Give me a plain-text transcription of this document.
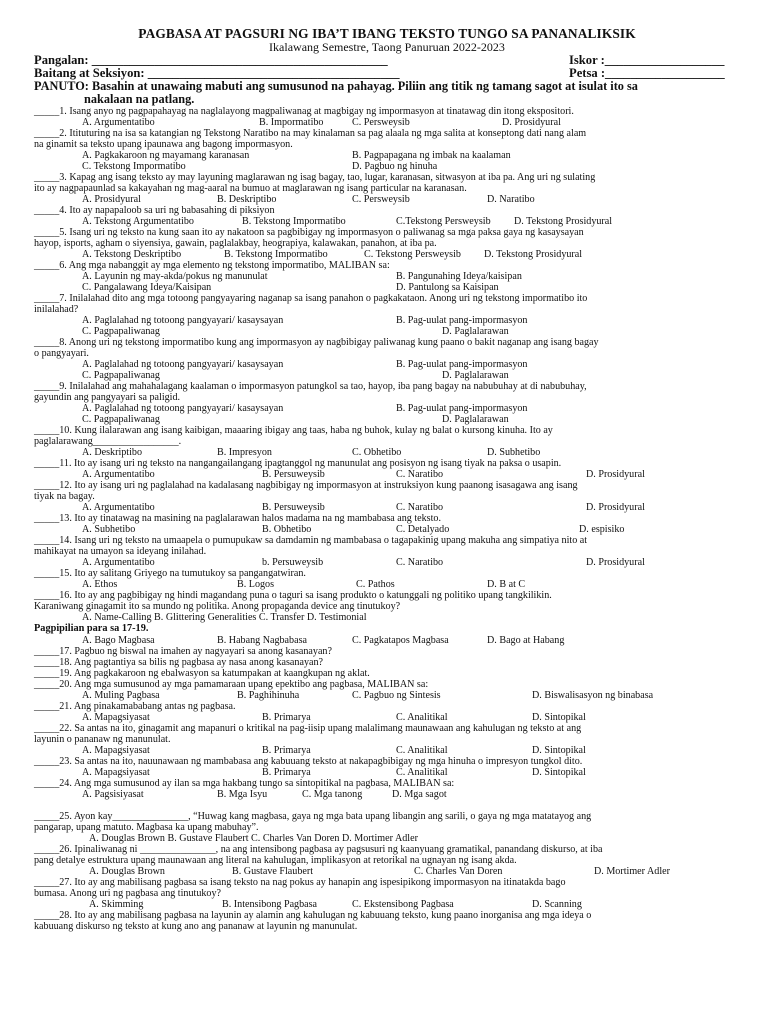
PAGBASA AT PAGSURI NG IBA’T IBANG TEKSTO TUNGO SA PANANALIKSIK
Ikalawang Semestre, Taong Panuruan 2022-2023
Pangalan: _______________________________________________	Iskor :___________________
Baitang at Seksiyon: ________________________________________	Petsa :___________________
PANUTO: Basahin at unawaing mabuti ang sumusunod na pahayag. Piliin ang titik ng tamang sagot at isulat ito sa
nakalaan na patlang.
_____1. Isang anyo ng pagpapahayag na naglalayong magpaliwanag at magbigay ng impormasyon at tinatawag din itong ekspositori.
A. Argumentatibo	B. Impormatibo	C. Persweysib	D. Prosidyural
_____2. Itituturing na isa sa katangian ng Tekstong Naratibo na may kinalaman sa pag alaala ng mga salita at konseptong dati nang alam
na ginamit sa teksto upang ipaunawa ang bagong impormasyon.
A. Pagkakaroon ng mayamang karanasan	B. Pagpapagana ng imbak na kaalaman
C. Tekstong Impormatibo	D. Pagbuo ng hinuha
_____3. Kapag ang isang teksto ay may layuning maglarawan ng isag bagay, tao, lugar, karanasan, sitwasyon at iba pa. Ang uri ng sulating
ito ay nagpapaunlad sa kakayahan ng mag-aaral na bumuo at maglarawan ng isang particular na karanasan.
A. Prosidyural	B. Deskriptibo	C. Persweysib	D. Naratibo
_____4. Ito ay napapaloob sa uri ng babasahing di piksiyon
A. Tekstong Argumentatibo	B. Tekstong Impormatibo	C.Tekstong Persweysib D. Tekstong Prosidyural
_____5. Isang uri ng teksto na kung saan ito ay nakatoon sa pagbibigay ng impormasyon o paliwanag sa mga paksa gaya ng kasaysayan
hayop, isports, agham o siyensiya, gawain, paglalakbay, heograpiya, kalawakan, panahon, at iba pa.
A. Tekstong Deskriptibo	B. Tekstong Impormatibo	C. Tekstong Persweysib D. Tekstong Prosidyural
_____6. Ang mga nabanggit ay mga elemento ng tekstong impormatibo, MALIBAN sa:
A. Layunin ng may-akda/pokus ng manunulat	B. Pangunahing Ideya/kaisipan
C. Pangalawang Ideya/Kaisipan	D. Pantulong sa Kaisipan
_____7. Inilalahad dito ang mga totoong pangyayaring naganap sa isang panahon o pagkakataon. Anong uri ng tekstong impormatibo ito
inilalahad?
A. Paglalahad ng totoong pangyayari/ kasaysayan	B. Pag-uulat pang-impormasyon
C. Pagpapaliwanag	D. Paglalarawan
_____8. Anong uri ng tekstong impormatibo kung ang impormasyon ay nagbibigay paliwanag kung paano o bakit naganap ang isang bagay
o pangyayari.
A. Paglalahad ng totoong pangyayari/ kasaysayan	B. Pag-uulat pang-impormasyon
C. Pagpapaliwanag	D. Paglalarawan
_____9. Inilalahad ang mahahalagang kaalaman o impormasyon patungkol sa tao, hayop, iba pang bagay na nabubuhay at di nabubuhay,
gayundin ang pangyayari sa paligid.
A. Paglalahad ng totoong pangyayari/ kasaysayan	B. Pag-uulat pang-impormasyon
C. Pagpapaliwanag	D. Paglalarawan
_____10. Kung ilalarawan ang isang kaibigan, maaaring ibigay ang taas, haba ng buhok, kulay ng balat o kursong kinuha. Ito ay
paglalarawang_________________.
A. Deskriptibo	B. Impresyon	C. Obhetibo	D. Subhetibo
_____11. Ito ay isang uri ng teksto na nangangailangang ipagtanggol ng manunulat ang posisyon ng isang tiyak na paksa o usapin.
A. Argumentatibo	B. Persuweysib	C. Naratibo	D. Prosidyural
_____12. Ito ay isang uri ng paglalahad na kadalasang nagbibigay ng impormasyon at instruksiyon kung paanong isasagawa ang isang
tiyak na bagay.
A. Argumentatibo	B. Persuweysib	C. Naratibo	D. Prosidyural
_____13. Ito ay tinatawag na masining na paglalarawan halos madama na ng mambabasa ang teksto.
A. Subhetibo	B. Obhetibo	C. Detalyado	D. espisiko
_____14. Isang uri ng teksto na umaapela o pumupukaw sa damdamin ng mambabasa o tagapakinig upang makuha ang simpatiya nito at
mahikayat na umayon sa ideyang inilahad.
A. Argumentatibo	b. Persuweysib	C. Naratibo	D. Prosidyural
_____15. Ito ay salitang Griyego na tumutukoy sa pangangatwiran.
A. Ethos	B. Logos	C. Pathos	D. B at C
_____16. Ito ay ang pagbibigay ng hindi magandang puna o taguri sa isang produkto o katunggali ng politiko upang tangkilikin.
Karaniwang ginagamit ito sa mundo ng politika. Anong propaganda device ang tinutukoy?
A. Name-Calling B. Glittering Generalities C. Transfer D. Testimonial
Pagpipilian para sa 17-19.
A. Bago Magbasa	B. Habang Nagbabasa	C. Pagkatapos Magbasa	D. Bago at Habang
_____17. Pagbuo ng biswal na imahen ay nagyayari sa anong kasanayan?
_____18. Ang pagtantiya sa bilis ng pagbasa ay nasa anong kasanayan?
_____19. Ang pagkakaroon ng ebalwasyon sa katumpakan at kaangkupan ng aklat.
_____20. Ang mga sumusunod ay mga pamamaraan upang epektibo ang pagbasa, MALIBAN sa:
A. Muling Pagbasa	B. Paghihinuha	C. Pagbuo ng Sintesis	D. Biswalisasyon ng binabasa
_____21. Ang pinakamababang antas ng pagbasa.
A. Mapagsiyasat	B. Primarya	C. Analitikal	D. Sintopikal
_____22. Sa antas na ito, ginagamit ang mapanuri o kritikal na pag-iisip upang malalimang maunawaan ang kahulugan ng teksto at ang
layunin o pananaw ng manunulat.
A. Mapagsiyasat	B. Primarya	C. Analitikal	D. Sintopikal
_____23. Sa antas na ito, nauunawaan ng mambabasa ang kabuuang teksto at nakapagbibigay ng mga hinuha o impresyon tungkol dito.
A. Mapagsiyasat	B. Primarya	C. Analitikal	D. Sintopikal
_____24. Ang mga sumusunod ay ilan sa mga hakbang tungo sa sintopitikal na pagbasa, MALIBAN sa:
A. Pagsisiyasat	B. Mga Isyu	C. Mga tanong	D. Mga sagot
_____25. Ayon kay_______________, “Huwag kang magbasa, gaya ng mga bata upang libangin ang sarili, o gaya ng mga matatayog ang
pangarap, upang matuto. Magbasa ka upang mabuhay”.
A. Douglas Brown B. Gustave Flaubert C. Charles Van Doren D. Mortimer Adler
_____26. Ipinaliwanag ni _______________, na ang intensibong pagbasa ay pagsusuri ng kaanyuang gramatikal, panandang diskurso, at iba
pang detalye estruktura upang maunawaan ang literal na kahulugan, implikasyon at retorikal na ugnayan ng isang akda.
A. Douglas Brown	B. Gustave Flaubert	C. Charles Van Doren	D. Mortimer Adler
_____27. Ito ay ang mabilisang pagbasa sa isang teksto na nag pokus ay hanapin ang ispesipikong impormasyon na itinatakda bago
bumasa. Anong uri ng pagbasa ang tinutukoy?
A. Skimming	B. Intensibong Pagbasa	C. Ekstensibong Pagbasa	D. Scanning
_____28. Ito ay ang mabilisang pagbasa na layunin ay alamin ang kahulugan ng kabuuang teksto, kung paano inorganisa ang mga ideya o
kabuuang diskurso ng teksto at kung ano ang pananaw at layunin ng manunulat.
